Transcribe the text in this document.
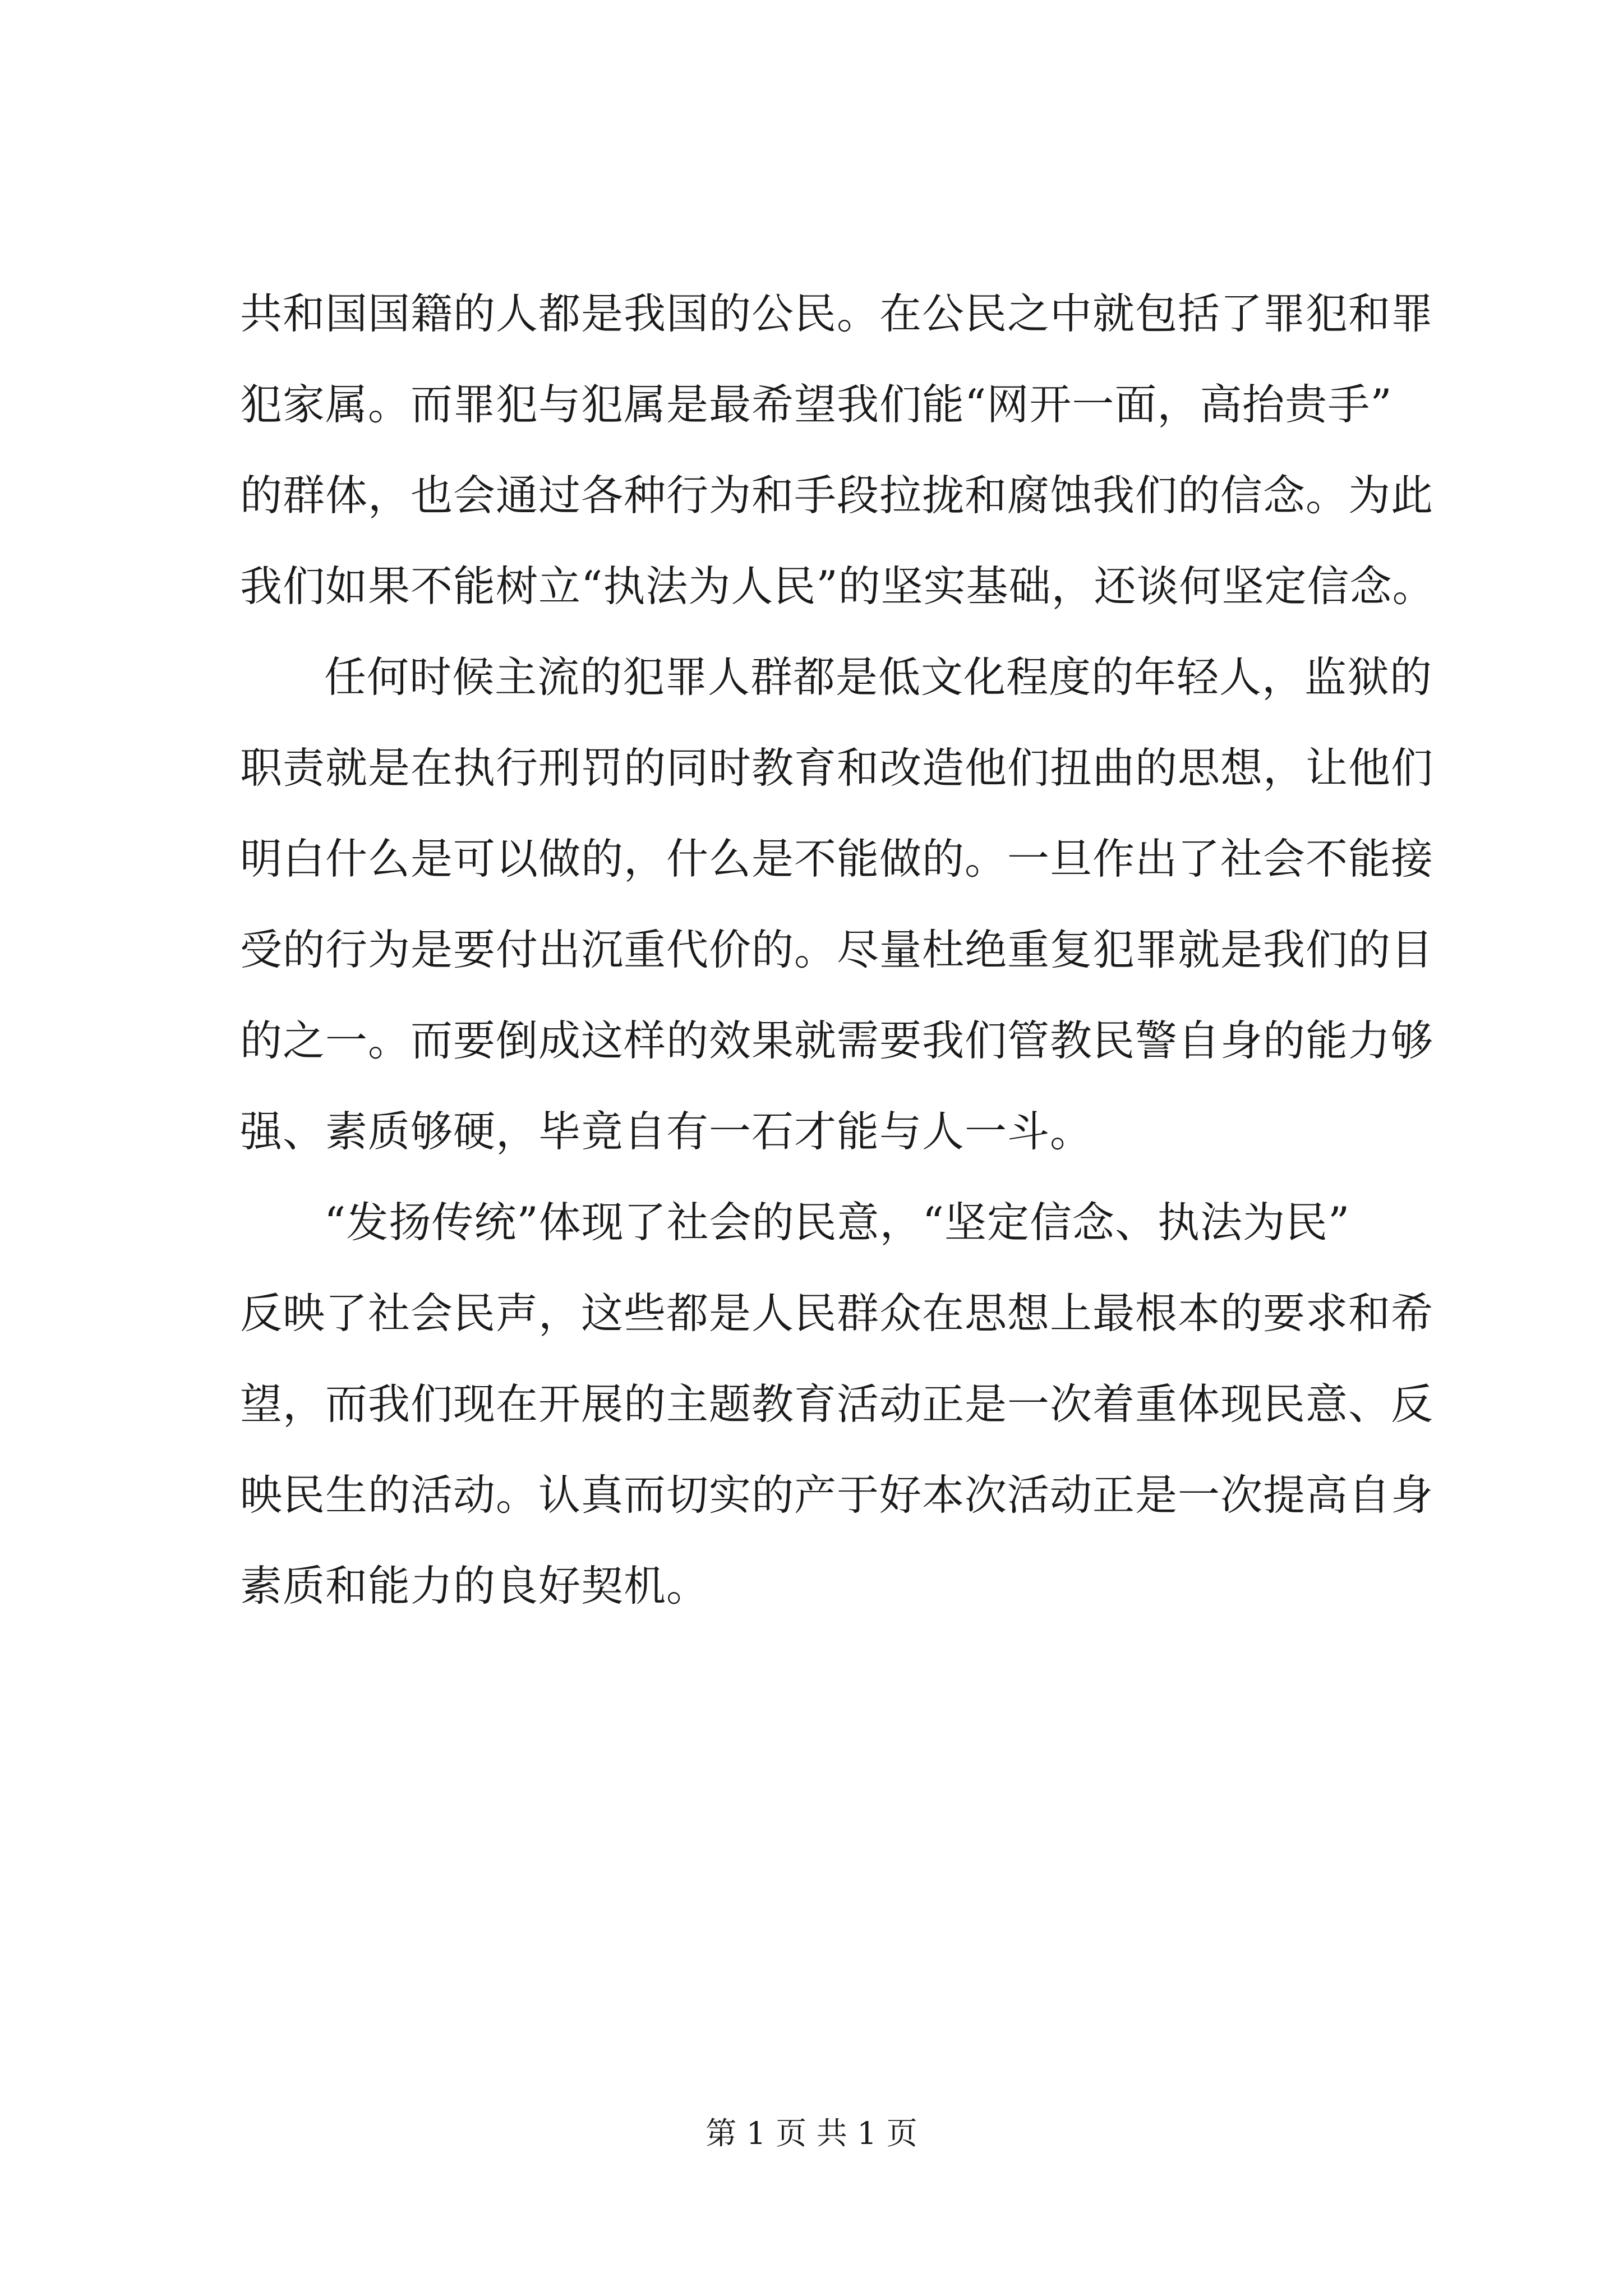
共和国国籍的人都是我国的公民。在公民之中就包括了罪犯和罪
犯家属。而罪犯与犯属是最希望我们能“网开一面，高抬贵手”
的群体，也会通过各种行为和手段拉拢和腐蚀我们的信念。为此
我们如果不能树立“执法为人民”的坚实基础，还谈何坚定信念。
任何时候主流的犯罪人群都是低文化程度的年轻人，监狱的
职责就是在执行刑罚的同时教育和改造他们扭曲的思想，让他们
明白什么是可以做的，什么是不能做的。一旦作出了社会不能接
受的行为是要付出沉重代价的。尽量杜绝重复犯罪就是我们的目
的之一。而要倒成这样的效果就需要我们管教民警自身的能力够
强、素质够硬，毕竟自有一石才能与人一斗。
“发扬传统”体现了社会的民意，“坚定信念、执法为民”
反映了社会民声，这些都是人民群众在思想上最根本的要求和希
望，而我们现在开展的主题教育活动正是一次着重体现民意、反
映民生的活动。认真而切实的产于好本次活动正是一次提高自身
素质和能力的良好契机。
第 1 页 共 1 页
